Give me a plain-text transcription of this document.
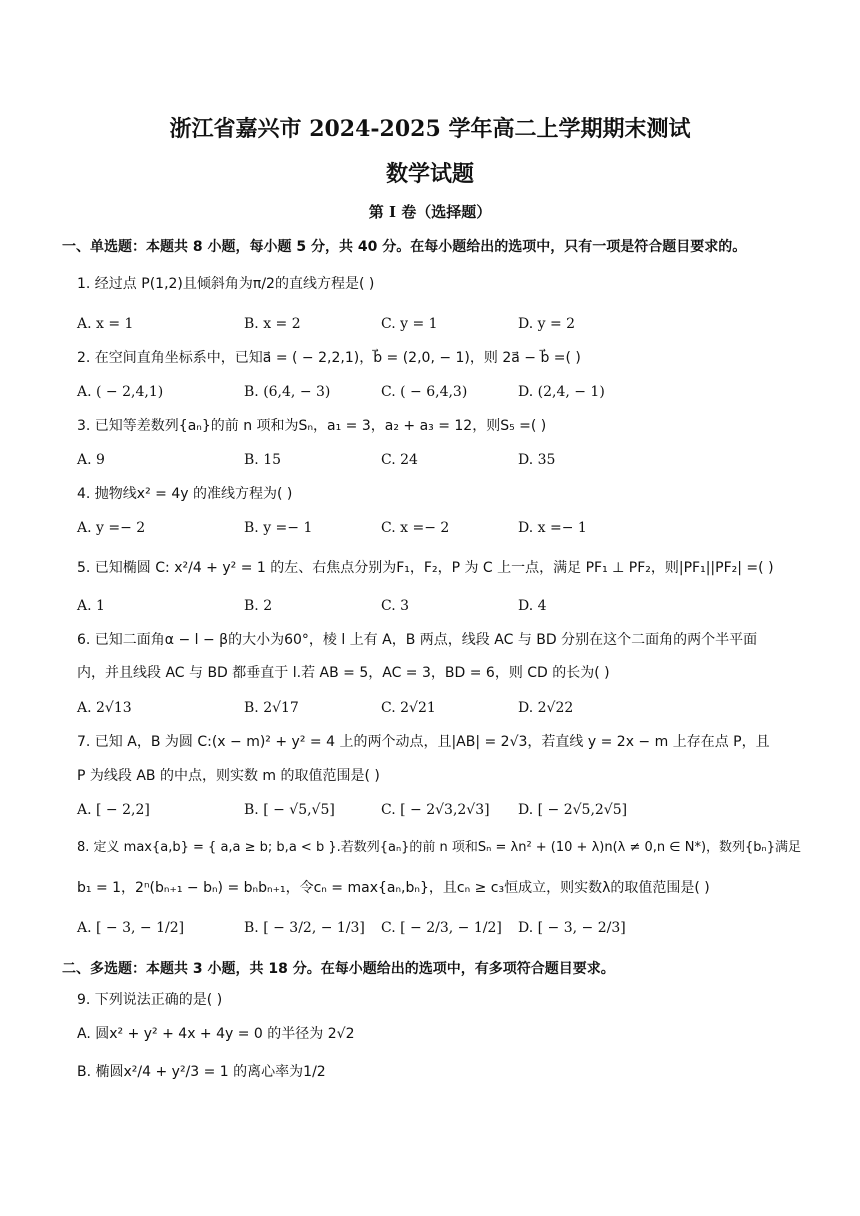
浙江省嘉兴市 2024-2025 学年高二上学期期末测试
数学试题
第 I 卷（选择题）
一、单选题：本题共 8 小题，每小题 5 分，共 40 分。在每小题给出的选项中，只有一项是符合题目要求的。
1. 经过点 P(1,2)且倾斜角为π/2的直线方程是( )
A. x = 1	B. x = 2	C. y = 1	D. y = 2
2. 在空间直角坐标系中，已知a⃗ = ( − 2,2,1)，b⃗ = (2,0, − 1)，则 2a⃗ − b⃗ =( )
A. ( − 2,4,1)	B. (6,4, − 3)	C. ( − 6,4,3)	D. (2,4, − 1)
3. 已知等差数列{aₙ}的前 n 项和为Sₙ，a₁ = 3，a₂ + a₃ = 12，则S₅ =( )
A. 9	B. 15	C. 24	D. 35
4. 抛物线x² = 4y 的准线方程为( )
A. y =− 2	B. y =− 1	C. x =− 2	D. x =− 1
5. 已知椭圆 C: x²/4 + y² = 1 的左、右焦点分别为F₁，F₂，P 为 C 上一点，满足 PF₁ ⊥ PF₂，则|PF₁||PF₂| =( )
A. 1	B. 2	C. 3	D. 4
6. 已知二面角α − l − β的大小为60°，棱 l 上有 A，B 两点，线段 AC 与 BD 分别在这个二面角的两个半平面
内，并且线段 AC 与 BD 都垂直于 l.若 AB = 5，AC = 3，BD = 6，则 CD 的长为( )
A. 2√13	B. 2√17	C. 2√21	D. 2√22
7. 已知 A，B 为圆 C:(x − m)² + y² = 4 上的两个动点，且|AB| = 2√3，若直线 y = 2x − m 上存在点 P，且
P 为线段 AB 的中点，则实数 m 的取值范围是( )
A. [ − 2,2]	B. [ − √5,√5]	C. [ − 2√3,2√3] D. [ − 2√5,2√5]
8. 定义 max{a,b} = { a,a ≥ b; b,a < b }.若数列{aₙ}的前 n 项和Sₙ = λn² + (10 + λ)n(λ ≠ 0,n ∈ N*)，数列{bₙ}满足
b₁ = 1，2ⁿ(bₙ₊₁ − bₙ) = bₙbₙ₊₁，令cₙ = max{aₙ,bₙ}，且cₙ ≥ c₃恒成立，则实数λ的取值范围是( )
A. [ − 3, − 1/2]	B. [ − 3/2, − 1/3] C. [ − 2/3, − 1/2] D. [ − 3, − 2/3]
二、多选题：本题共 3 小题，共 18 分。在每小题给出的选项中，有多项符合题目要求。
9. 下列说法正确的是( )
A. 圆x² + y² + 4x + 4y = 0 的半径为 2√2
B. 椭圆x²/4 + y²/3 = 1 的离心率为1/2
